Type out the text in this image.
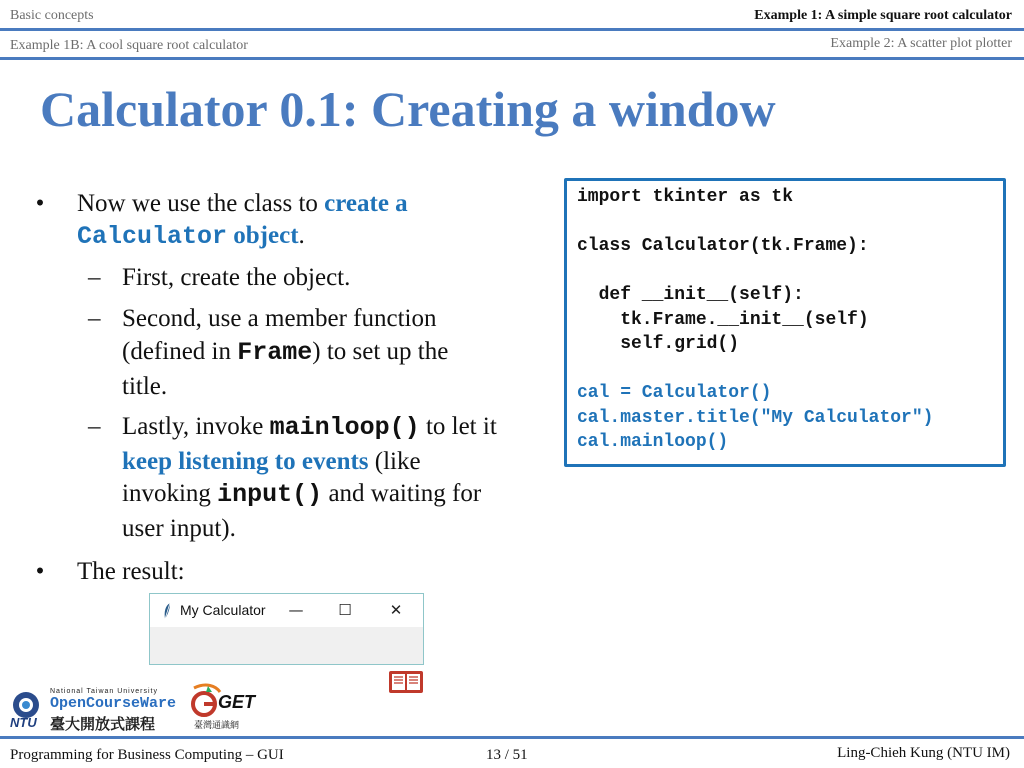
Basic concepts	Example 1: A simple square root calculator
Example 1B: A cool square root calculator	Example 2: A scatter plot plotter
Calculator 0.1: Creating a window
• Now we use the class to create a
Calculator object.
– First, create the object.
– Second, use a member function
(defined in Frame) to set up the
title.
– Lastly, invoke mainloop() to let it
keep listening to events (like
invoking input() and waiting for
user input).
• The result:
import tkinter as tk
class Calculator(tk.Frame):
def __init__(self):
tk.Frame.__init__(self)
self.grid()
cal = Calculator()
cal.master.title("My Calculator")
cal.mainloop()
My Calculator	—	☐	✕
NTU
National Taiwan University
OpenCourseWare
臺大開放式課程
GET
臺灣通識網
Programming for Business Computing – GUI	13 / 51	Ling-Chieh Kung (NTU IM)
